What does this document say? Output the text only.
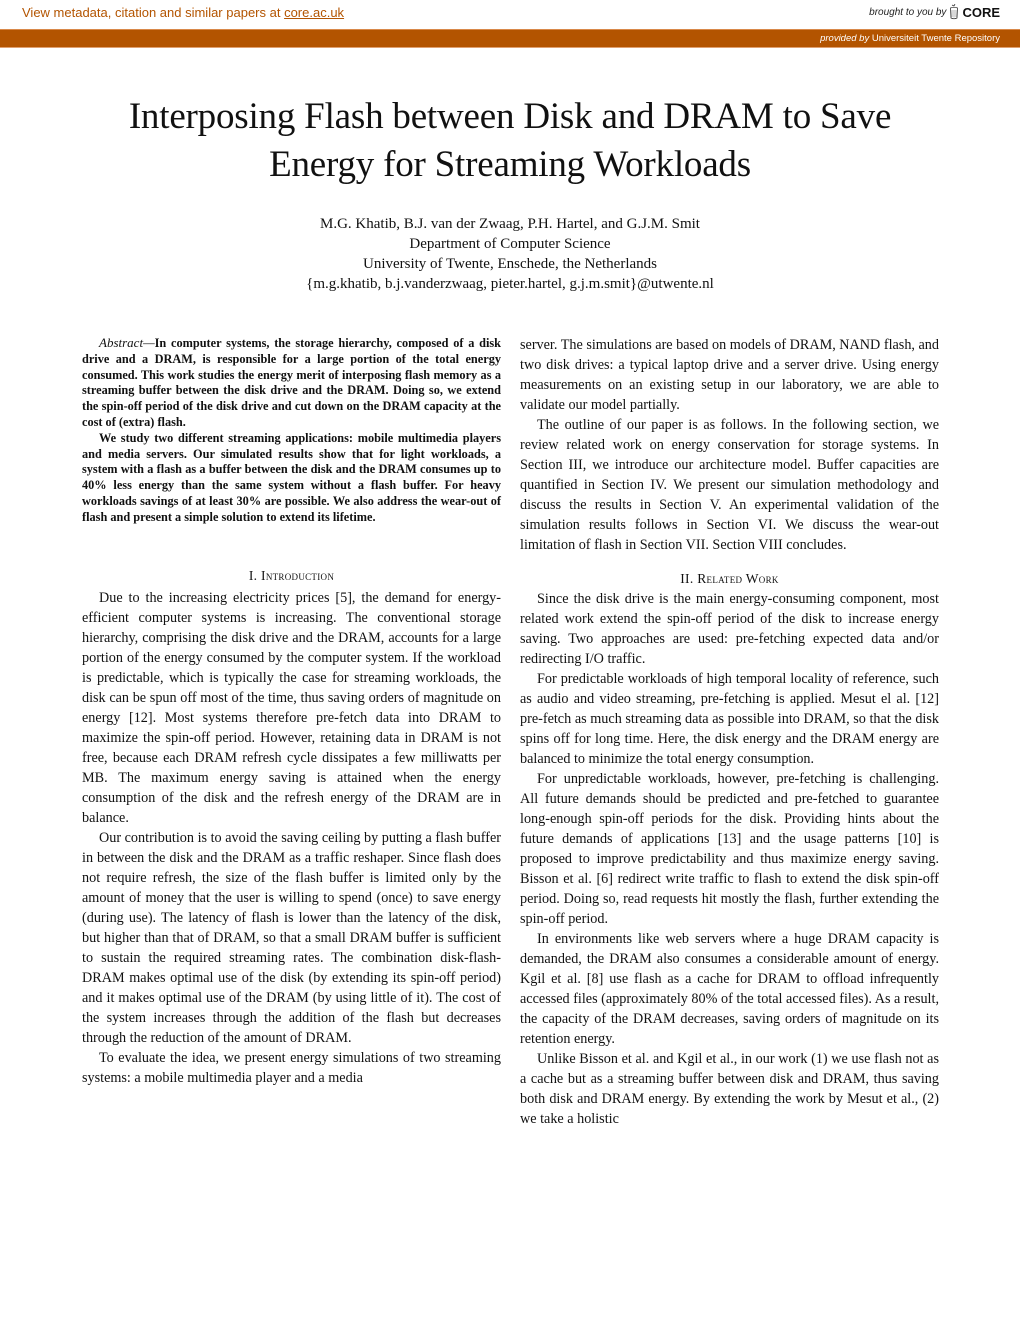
View metadata, citation and similar papers at core.ac.uk	brought to you by CORE
provided by Universiteit Twente Repository
Interposing Flash between Disk and DRAM to Save
Energy for Streaming Workloads
M.G. Khatib, B.J. van der Zwaag, P.H. Hartel, and G.J.M. Smit
Department of Computer Science
University of Twente, Enschede, the Netherlands
{m.g.khatib, b.j.vanderzwaag, pieter.hartel, g.j.m.smit}@utwente.nl

Abstract—In computer systems, the storage hierarchy, composed of a disk drive and a DRAM, is responsible for a large portion of the total energy consumed. This work studies the energy merit of interposing flash memory as a streaming buffer between the disk drive and the DRAM. Doing so, we extend the spin-off period of the disk drive and cut down on the DRAM capacity at the cost of (extra) flash.

We study two different streaming applications: mobile multimedia players and media servers. Our simulated results show that for light workloads, a system with a flash as a buffer between the disk and the DRAM consumes up to 40% less energy than the same system without a flash buffer. For heavy workloads savings of at least 30% are possible. We also address the wear-out of flash and present a simple solution to extend its lifetime.

I. Introduction

Due to the increasing electricity prices [5], the demand for energy-efficient computer systems is increasing. The conventional storage hierarchy, comprising the disk drive and the DRAM, accounts for a large portion of the energy consumed by the computer system. If the workload is predictable, which is typically the case for streaming workloads, the disk can be spun off most of the time, thus saving orders of magnitude on energy [12]. Most systems therefore pre-fetch data into DRAM to maximize the spin-off period. However, retaining data in DRAM is not free, because each DRAM refresh cycle dissipates a few milliwatts per MB. The maximum energy saving is attained when the energy consumption of the disk and the refresh energy of the DRAM are in balance.

Our contribution is to avoid the saving ceiling by putting a flash buffer in between the disk and the DRAM as a traffic reshaper. Since flash does not require refresh, the size of the flash buffer is limited only by the amount of money that the user is willing to spend (once) to save energy (during use). The latency of flash is lower than the latency of the disk, but higher than that of DRAM, so that a small DRAM buffer is sufficient to sustain the required streaming rates. The combination disk-flash-DRAM makes optimal use of the disk (by extending its spin-off period) and it makes optimal use of the DRAM (by using little of it). The cost of the system increases through the addition of the flash but decreases through the reduction of the amount of DRAM.

To evaluate the idea, we present energy simulations of two streaming systems: a mobile multimedia player and a media

server. The simulations are based on models of DRAM, NAND flash, and two disk drives: a typical laptop drive and a server drive. Using energy measurements on an existing setup in our laboratory, we are able to validate our model partially.

The outline of our paper is as follows. In the following section, we review related work on energy conservation for storage systems. In Section III, we introduce our architecture model. Buffer capacities are quantified in Section IV. We present our simulation methodology and discuss the results in Section V. An experimental validation of the simulation results follows in Section VI. We discuss the wear-out limitation of flash in Section VII. Section VIII concludes.

II. Related Work

Since the disk drive is the main energy-consuming component, most related work extend the spin-off period of the disk to increase energy saving. Two approaches are used: pre-fetching expected data and/or redirecting I/O traffic.

For predictable workloads of high temporal locality of reference, such as audio and video streaming, pre-fetching is applied. Mesut el al. [12] pre-fetch as much streaming data as possible into DRAM, so that the disk spins off for long time. Here, the disk energy and the DRAM energy are balanced to minimize the total energy consumption.

For unpredictable workloads, however, pre-fetching is challenging. All future demands should be predicted and pre-fetched to guarantee long-enough spin-off periods for the disk. Providing hints about the future demands of applications [13] and the usage patterns [10] is proposed to improve predictability and thus maximize energy saving. Bisson et al. [6] redirect write traffic to flash to extend the disk spin-off period. Doing so, read requests hit mostly the flash, further extending the spin-off period.

In environments like web servers where a huge DRAM capacity is demanded, the DRAM also consumes a considerable amount of energy. Kgil et al. [8] use flash as a cache for DRAM to offload infrequently accessed files (approximately 80% of the total accessed files). As a result, the capacity of the DRAM decreases, saving orders of magnitude on its retention energy.

Unlike Bisson et al. and Kgil et al., in our work (1) we use flash not as a cache but as a streaming buffer between disk and DRAM, thus saving both disk and DRAM energy. By extending the work by Mesut et al., (2) we take a holistic
